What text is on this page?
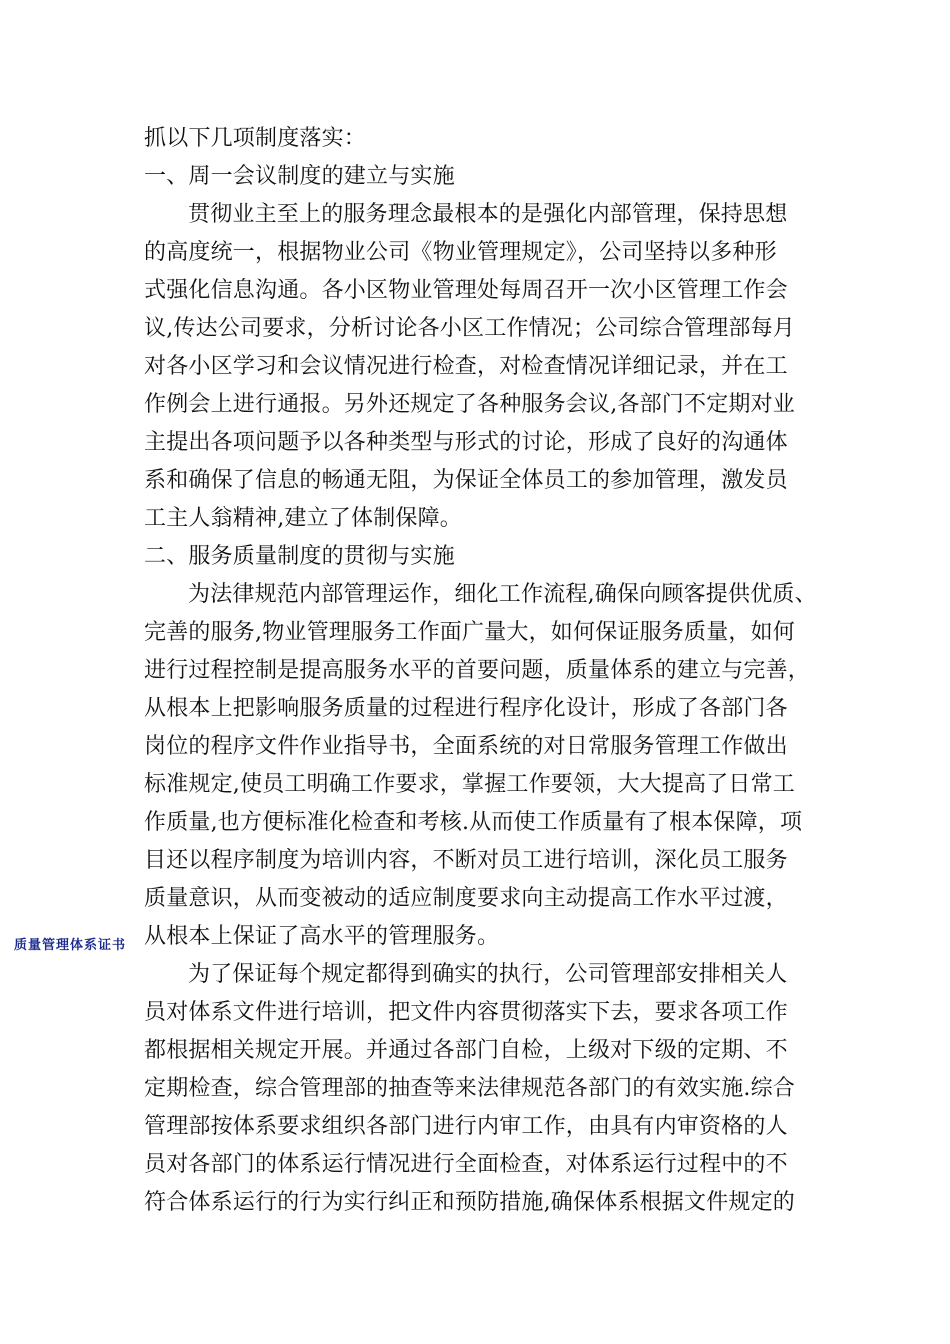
抓以下几项制度落实：
一、周一会议制度的建立与实施
贯彻业主至上的服务理念最根本的是强化内部管理，保持思想
的高度统一，根据物业公司《物业管理规定》，公司坚持以多种形
式强化信息沟通。各小区物业管理处每周召开一次小区管理工作会
议,传达公司要求，分析讨论各小区工作情况；公司综合管理部每月
对各小区学习和会议情况进行检查，对检查情况详细记录，并在工
作例会上进行通报。另外还规定了各种服务会议,各部门不定期对业
主提出各项问题予以各种类型与形式的讨论，形成了良好的沟通体
系和确保了信息的畅通无阻，为保证全体员工的参加管理，激发员
工主人翁精神,建立了体制保障。
二、服务质量制度的贯彻与实施
为法律规范内部管理运作，细化工作流程,确保向顾客提供优质、
完善的服务,物业管理服务工作面广量大，如何保证服务质量，如何
进行过程控制是提高服务水平的首要问题，质量体系的建立与完善，
从根本上把影响服务质量的过程进行程序化设计，形成了各部门各
岗位的程序文件作业指导书，全面系统的对日常服务管理工作做出
标准规定,使员工明确工作要求，掌握工作要领，大大提高了日常工
作质量,也方便标准化检查和考核.从而使工作质量有了根本保障，项
目还以程序制度为培训内容，不断对员工进行培训，深化员工服务
质量意识，从而变被动的适应制度要求向主动提高工作水平过渡，
从根本上保证了高水平的管理服务。
为了保证每个规定都得到确实的执行，公司管理部安排相关人
员对体系文件进行培训，把文件内容贯彻落实下去，要求各项工作
都根据相关规定开展。并通过各部门自检，上级对下级的定期、不
定期检查，综合管理部的抽查等来法律规范各部门的有效实施.综合
管理部按体系要求组织各部门进行内审工作，由具有内审资格的人
员对各部门的体系运行情况进行全面检查，对体系运行过程中的不
符合体系运行的行为实行纠正和预防措施,确保体系根据文件规定的
质量管理体系证书
